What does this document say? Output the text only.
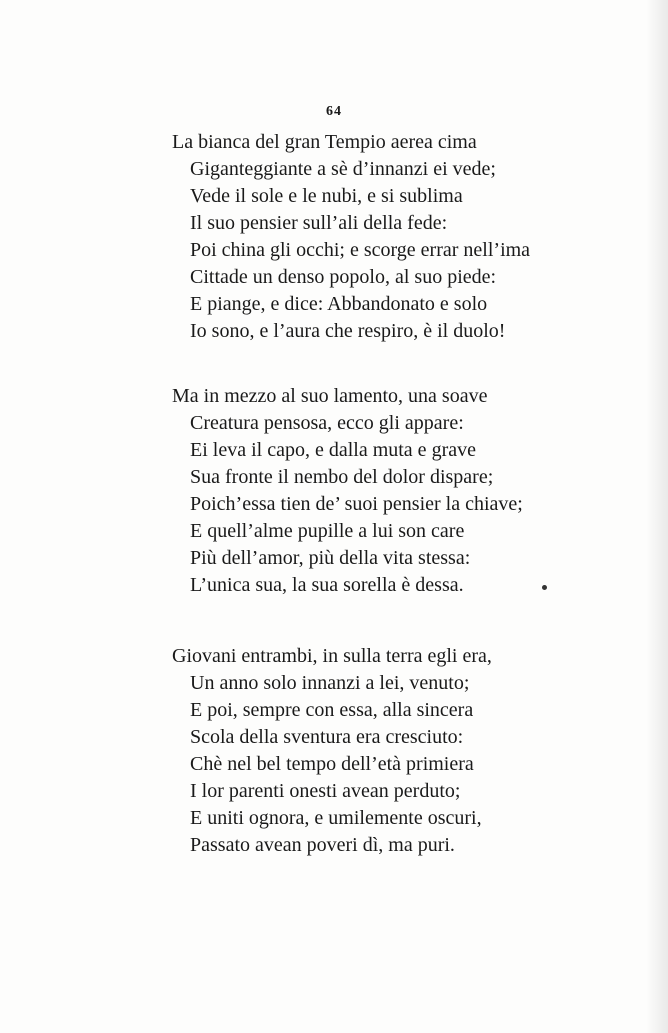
64
La bianca del gran Tempio aerea cima
Giganteggiante a sè d’innanzi ei vede;
Vede il sole e le nubi, e si sublima
Il suo pensier sull’ali della fede:
Poi china gli occhi; e scorge errar nell’ima
Cittade un denso popolo, al suo piede:
E piange, e dice: Abbandonato e solo
Io sono, e l’aura che respiro, è il duolo!
Ma in mezzo al suo lamento, una soave
Creatura pensosa, ecco gli appare:
Ei leva il capo, e dalla muta e grave
Sua fronte il nembo del dolor dispare;
Poich’essa tien de’ suoi pensier la chiave;
E quell’alme pupille a lui son care
Più dell’amor, più della vita stessa:
L’unica sua, la sua sorella è dessa.
Giovani entrambi, in sulla terra egli era,
Un anno solo innanzi a lei, venuto;
E poi, sempre con essa, alla sincera
Scola della sventura era cresciuto:
Chè nel bel tempo dell’età primiera
I lor parenti onesti avean perduto;
E uniti ognora, e umilemente oscuri,
Passato avean poveri dì, ma puri.
